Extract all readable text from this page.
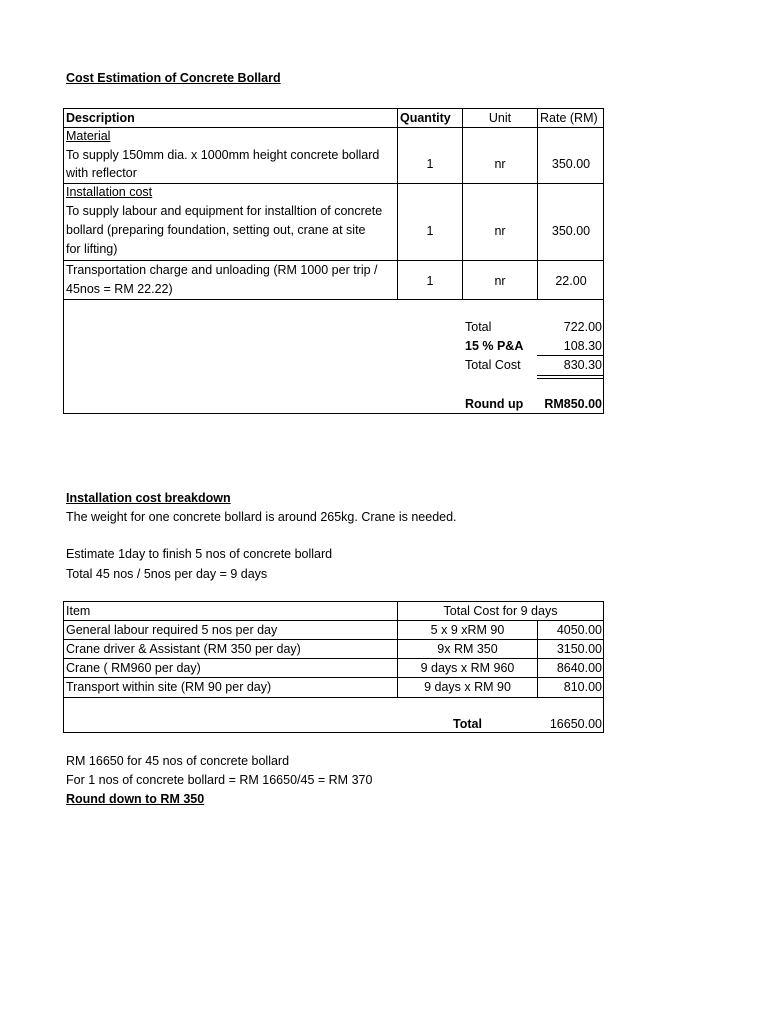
Cost Estimation of Concrete Bollard
Description	Quantity	Unit	Rate (RM)
Material
To supply 150mm dia. x 1000mm height concrete bollard
with reflector
1	nr	350.00
Installation cost
To supply labour and equipment for installtion of concrete
bollard (preparing foundation, setting out, crane at site
for lifting)
1	nr	350.00
Transportation charge and unloading (RM 1000 per trip /
45nos = RM 22.22)
1	nr	22.00
Total	722.00
15 % P&A	108.30
Total Cost	830.30
Round up	RM850.00
Installation cost breakdown
The weight for one concrete bollard is around 265kg. Crane is needed.
Estimate 1day to finish 5 nos of concrete bollard
Total 45 nos / 5nos per day = 9 days
Item	Total Cost for 9 days
General labour required 5 nos per day	5 x 9 xRM 90	4050.00
Crane driver & Assistant (RM 350 per day)	9x RM 350	3150.00
Crane ( RM960 per day)	9 days x RM 960	8640.00
Transport within site (RM 90 per day)	9 days x RM 90	810.00
Total	16650.00
RM 16650 for 45 nos of concrete bollard
For 1 nos of concrete bollard = RM 16650/45 = RM 370
Round down to RM 350
